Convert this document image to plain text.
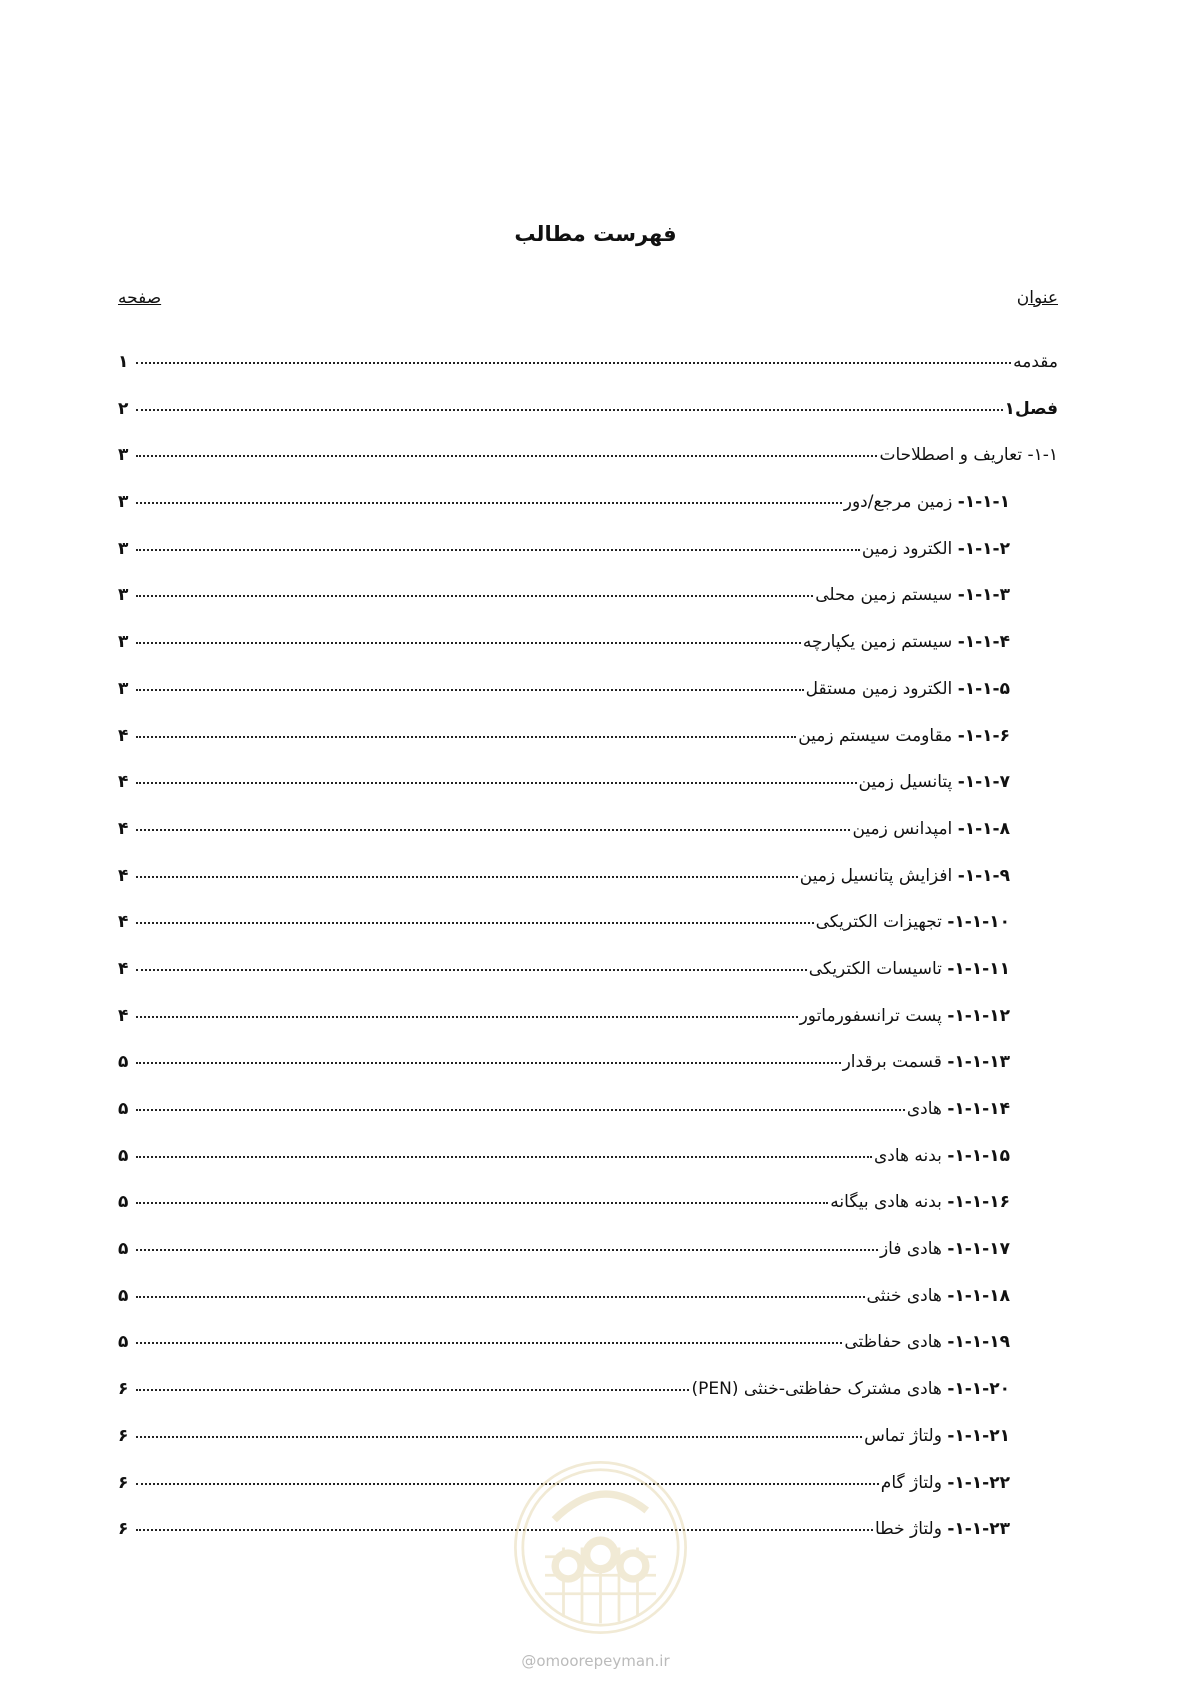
فهرست مطالب
عنوان
صفحه
مقدمه
۱
فصل۱
۲
۱-۱- تعاریف و اصطلاحات
۳
۱-۱-۱- زمین مرجع/دور
۳
۱-۱-۲- الکترود زمین
۳
۱-۱-۳- سیستم زمین محلی
۳
۱-۱-۴- سیستم زمین یکپارچه
۳
۱-۱-۵- الکترود زمین مستقل
۳
۱-۱-۶- مقاومت سیستم زمین
۴
۱-۱-۷- پتانسیل زمین
۴
۱-۱-۸- امپدانس زمین
۴
۱-۱-۹- افزایش پتانسیل زمین
۴
۱-۱-۱۰- تجهیزات الکتریکی
۴
۱-۱-۱۱- تاسیسات الکتریکی
۴
۱-۱-۱۲- پست ترانسفورماتور
۴
۱-۱-۱۳- قسمت برقدار
۵
۱-۱-۱۴- هادی
۵
۱-۱-۱۵- بدنه هادی
۵
۱-۱-۱۶- بدنه هادی بیگانه
۵
۱-۱-۱۷- هادی فاز
۵
۱-۱-۱۸- هادی خنثی
۵
۱-۱-۱۹- هادی حفاظتی
۵
۱-۱-۲۰- هادی مشترک حفاظتی-خنثی (PEN)
۶
۱-۱-۲۱- ولتاژ تماس
۶
۱-۱-۲۲- ولتاژ گام
۶
۱-۱-۲۳- ولتاژ خطا
۶
@omoorepeyman.ir
